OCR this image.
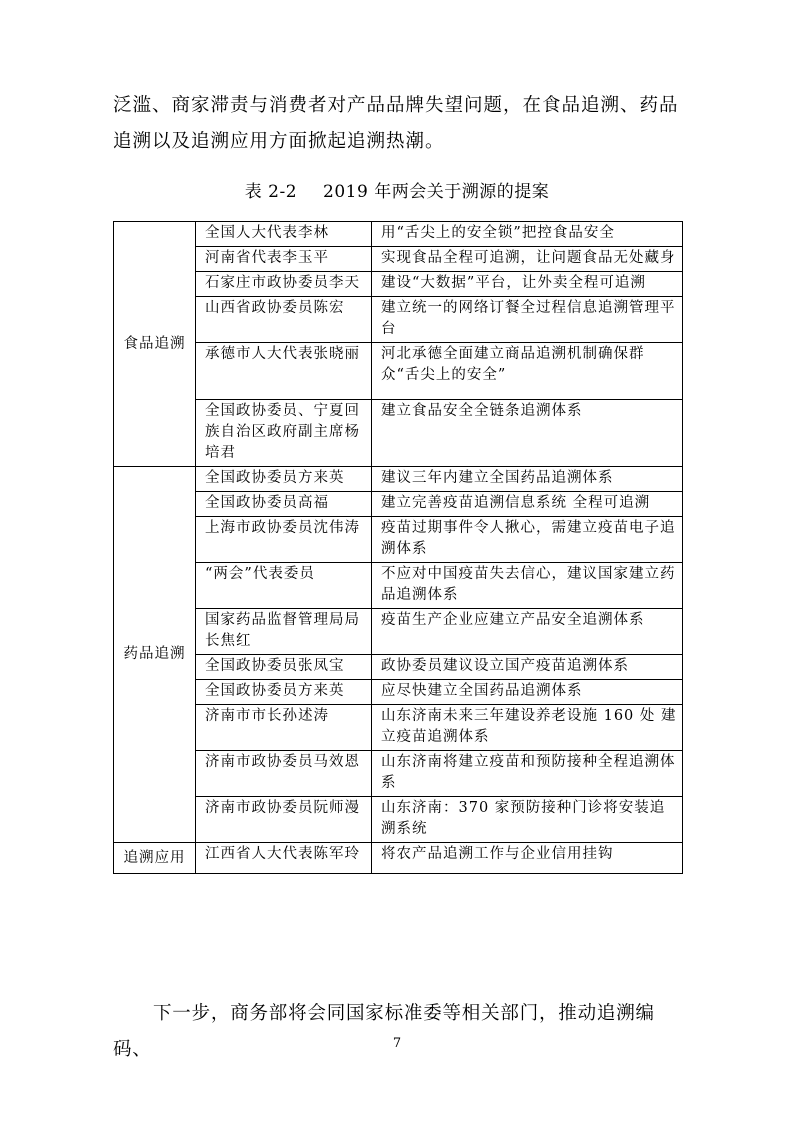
泛滥、商家滞责与消费者对产品品牌失望问题，在食品追溯、药品追溯以及追溯应用方面掀起追溯热潮。

表 2-2 2019 年两会关于溯源的提案

食品追溯	全国人大代表李林	用“舌尖上的安全锁”把控食品安全
	河南省代表李玉平	实现食品全程可追溯，让问题食品无处藏身
	石家庄市政协委员李天	建设“大数据”平台，让外卖全程可追溯
	山西省政协委员陈宏	建立统一的网络订餐全过程信息追溯管理平台
	承德市人大代表张晓丽	河北承德全面建立商品追溯机制确保群众“舌尖上的安全”
	全国政协委员、宁夏回族自治区政府副主席杨培君	建立食品安全全链条追溯体系
药品追溯	全国政协委员方来英	建议三年内建立全国药品追溯体系
	全国政协委员高福	建立完善疫苗追溯信息系统 全程可追溯
	上海市政协委员沈伟涛	疫苗过期事件令人揪心，需建立疫苗电子追溯体系
	“两会”代表委员	不应对中国疫苗失去信心，建议国家建立药品追溯体系
	国家药品监督管理局局长焦红	疫苗生产企业应建立产品安全追溯体系
	全国政协委员张凤宝	政协委员建议设立国产疫苗追溯体系
	全国政协委员方来英	应尽快建立全国药品追溯体系
	济南市市长孙述涛	山东济南未来三年建设养老设施 160 处 建立疫苗追溯体系
	济南市政协委员马效恩	山东济南将建立疫苗和预防接种全程追溯体系
	济南市政协委员阮师漫	山东济南：370 家预防接种门诊将安装追溯系统
追溯应用	江西省人大代表陈军玲	将农产品追溯工作与企业信用挂钩

下一步，商务部将会同国家标准委等相关部门，推动追溯编码、	7
